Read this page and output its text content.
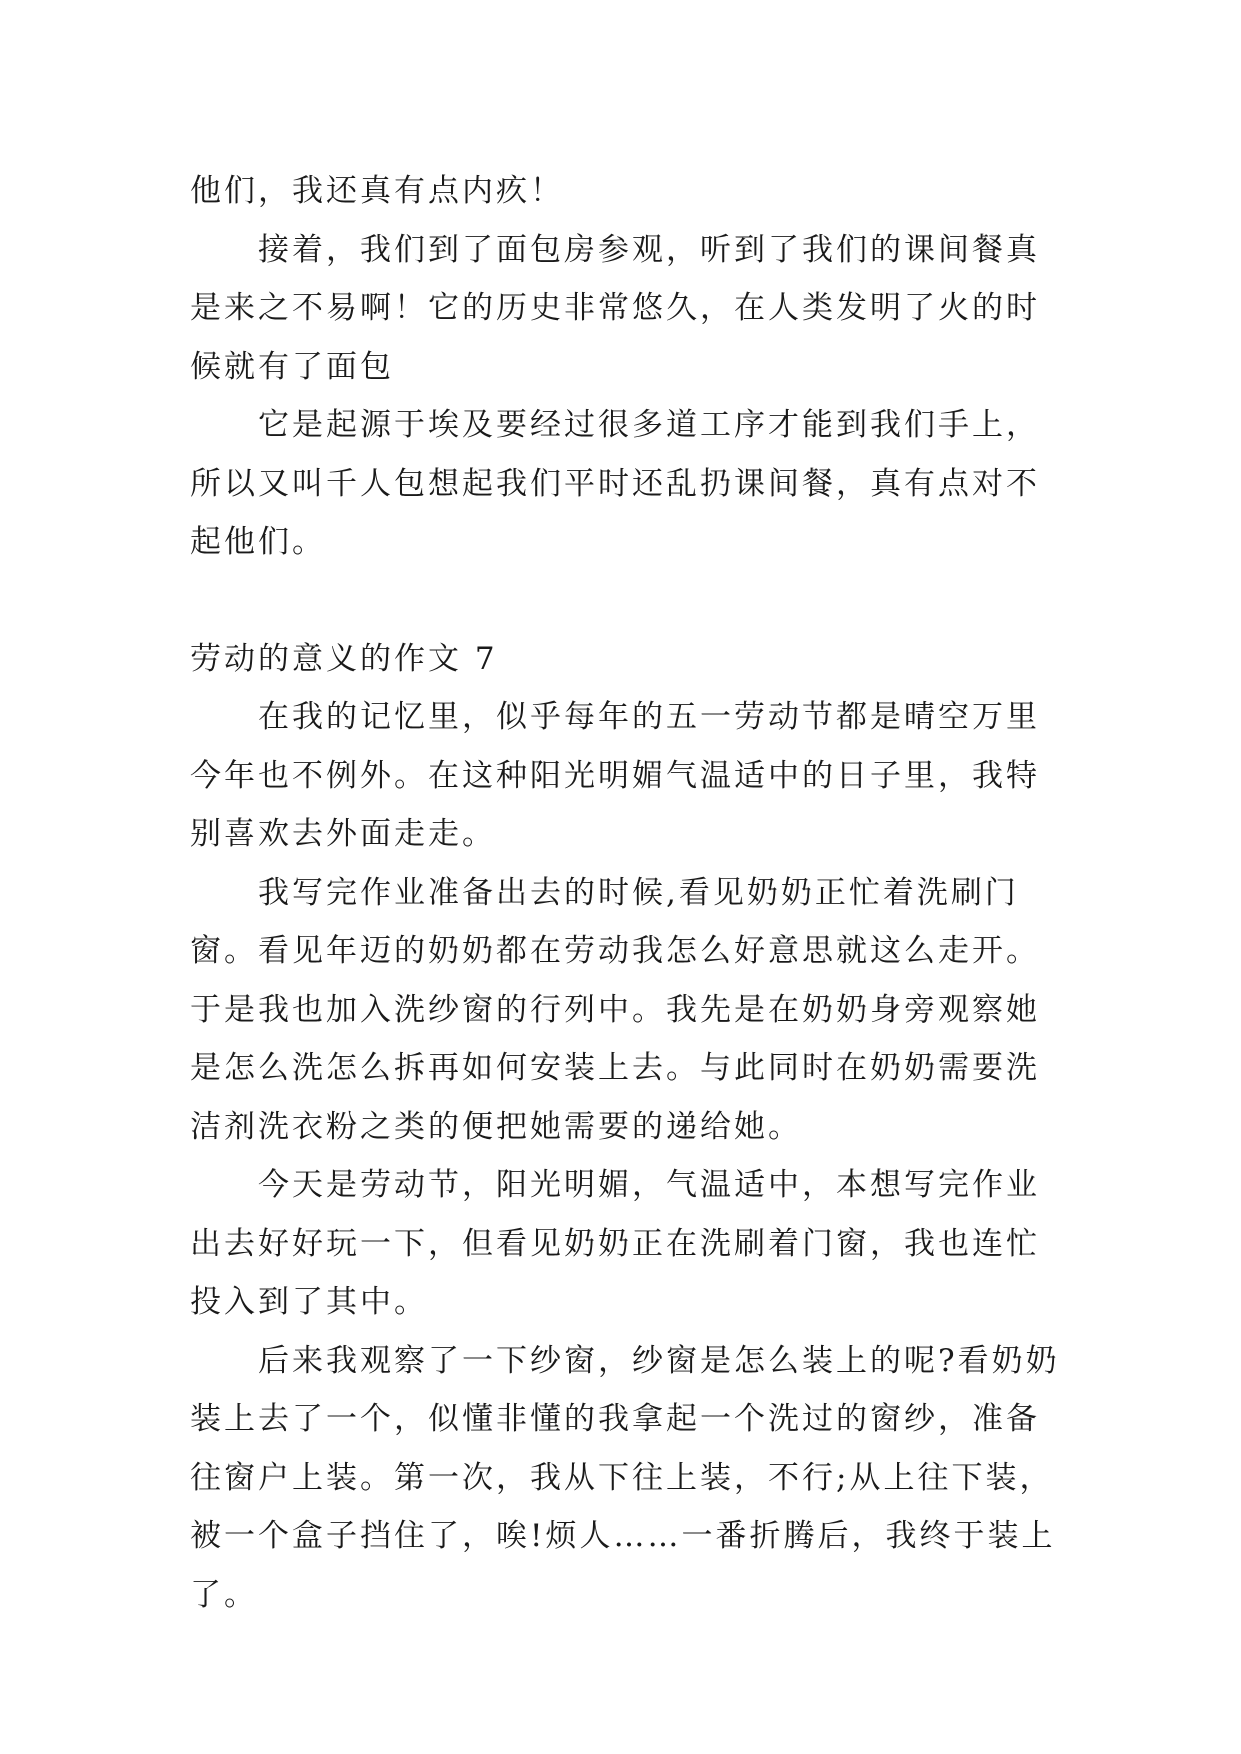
他们，我还真有点内疚！

接着，我们到了面包房参观，听到了我们的课间餐真是来之不易啊！它的历史非常悠久，在人类发明了火的时候就有了面包

它是起源于埃及要经过很多道工序才能到我们手上，所以又叫千人包想起我们平时还乱扔课间餐，真有点对不起他们。

劳动的意义的作文 7

在我的记忆里，似乎每年的五一劳动节都是晴空万里今年也不例外。在这种阳光明媚气温适中的日子里，我特别喜欢去外面走走。

我写完作业准备出去的时候,看见奶奶正忙着洗刷门窗。看见年迈的奶奶都在劳动我怎么好意思就这么走开。于是我也加入洗纱窗的行列中。我先是在奶奶身旁观察她是怎么洗怎么拆再如何安装上去。与此同时在奶奶需要洗洁剂洗衣粉之类的便把她需要的递给她。

今天是劳动节，阳光明媚，气温适中，本想写完作业出去好好玩一下，但看见奶奶正在洗刷着门窗，我也连忙投入到了其中。

后来我观察了一下纱窗，纱窗是怎么装上的呢?看奶奶装上去了一个，似懂非懂的我拿起一个洗过的窗纱，准备往窗户上装。第一次，我从下往上装，不行;从上往下装，被一个盒子挡住了，唉!烦人……一番折腾后，我终于装上了。
